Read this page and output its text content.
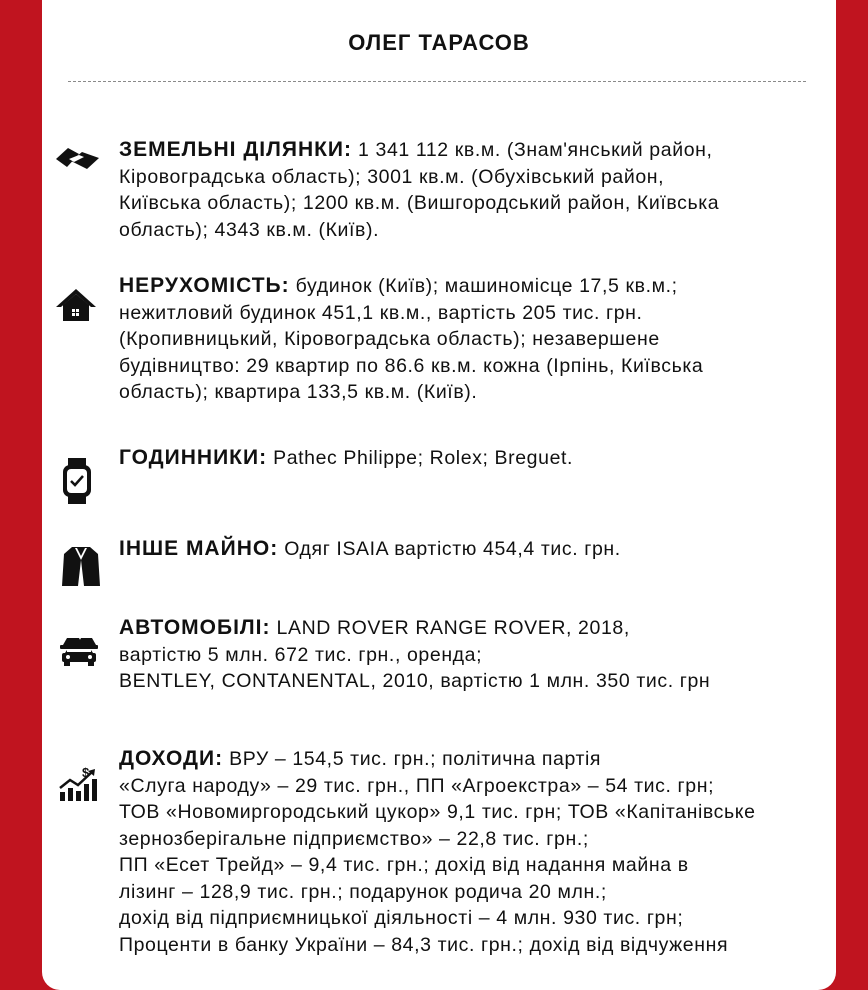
ОЛЕГ ТАРАСОВ
ЗЕМЕЛЬНІ ДІЛЯНКИ: 1 341 112 кв.м. (Знам'янський район,
Кіровоградська область); 3001 кв.м. (Обухівський район,
Київська область); 1200 кв.м. (Вишгородський район, Київська
область); 4343 кв.м. (Київ).
НЕРУХОМІСТЬ: будинок (Київ); машиномісце 17,5 кв.м.;
нежитловий будинок 451,1 кв.м., вартість 205 тис. грн.
(Кропивницький, Кіровоградська область); незавершене
будівництво: 29 квартир по 86.6 кв.м. кожна (Ірпінь, Київська
область); квартира 133,5 кв.м. (Київ).
ГОДИННИКИ: Pathec Philippe; Rolex; Breguet.
ІНШЕ МАЙНО: Одяг ISAIA вартістю 454,4 тис. грн.
АВТОМОБІЛІ: LAND ROVER RANGE ROVER, 2018,
вартістю 5 млн. 672 тис. грн., оренда;
BENTLEY, CONTANENTAL, 2010, вартістю 1 млн. 350 тис. грн
$
ДОХОДИ: ВРУ – 154,5 тис. грн.; політична партія
«Слуга народу» – 29 тис. грн., ПП «Агроекстра» – 54 тис. грн;
ТОВ «Новомиргородський цукор» 9,1 тис. грн; ТОВ «Капітанівське
зернозберігальне підприємство» – 22,8 тис. грн.;
ПП «Есет Трейд» – 9,4 тис. грн.; дохід від надання майна в
лізинг – 128,9 тис. грн.; подарунок родича 20 млн.;
дохід від підприємницької діяльності – 4 млн. 930 тис. грн;
Проценти в банку України – 84,3 тис. грн.; дохід від відчуження
